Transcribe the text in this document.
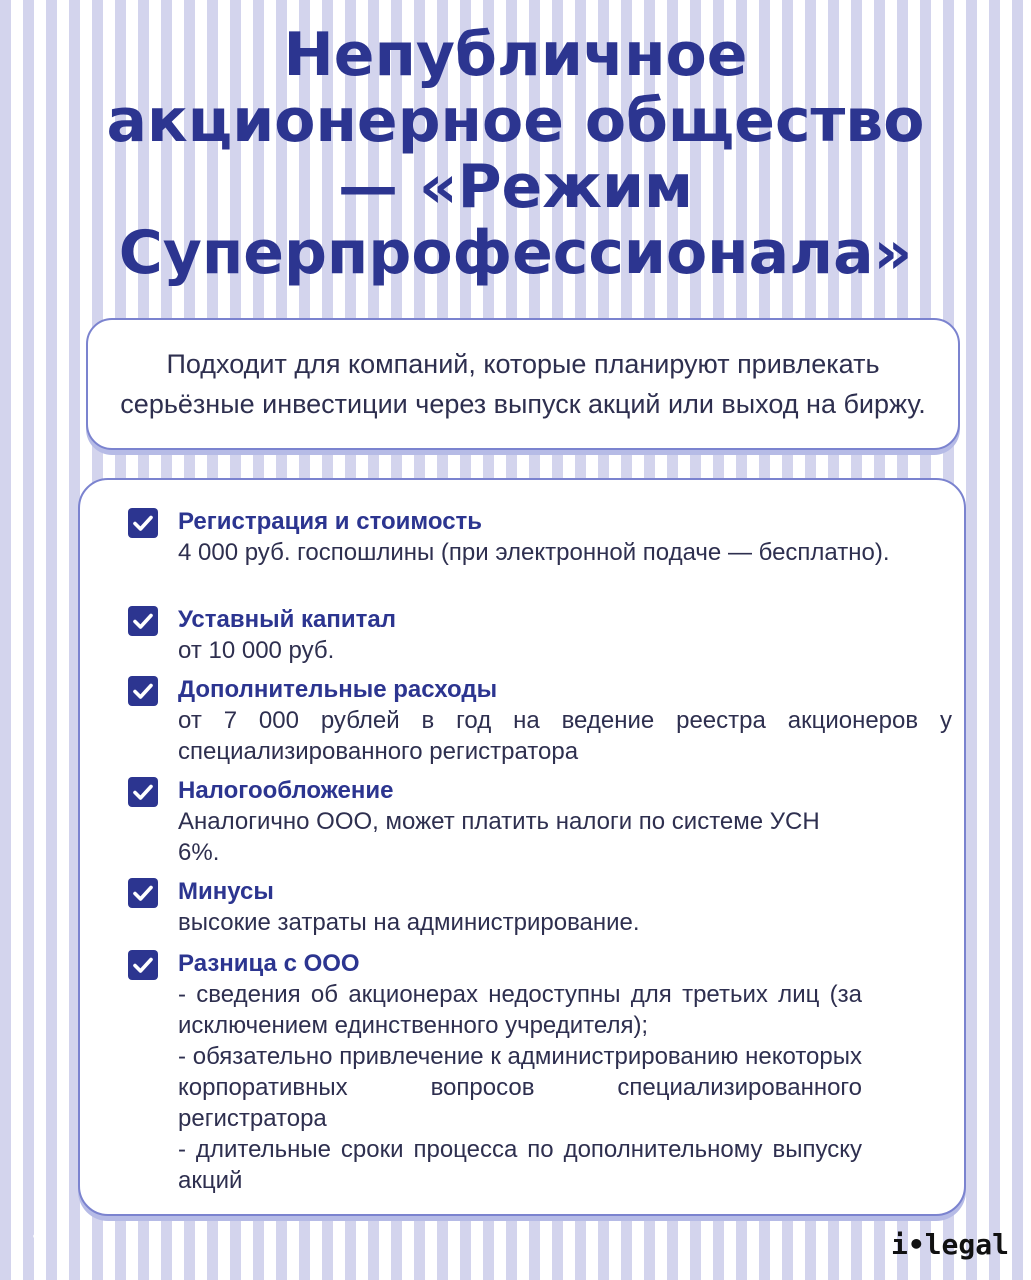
Непубличное
акционерное общество
— «Режим
Суперпрофессионала»
Подходит для компаний, которые планируют привлекать серьёзные инвестиции через выпуск акций или выход на биржу.
Регистрация и стоимость

4 000 руб. госпошлины (при электронной подаче — бесплатно).

Уставный капитал

от 10 000 руб.

Дополнительные расходы

от 7 000 рублей в год на ведение реестра акционеров у специализированного регистратора

Налогообложение

Аналогично ООО, может платить налоги по системе УСН 6%.

Минусы

высокие затраты на администрирование.

Разница с ООО
- сведения об акционерах недоступны для третьих лиц (за исключением единственного учредителя);
- обязательно привлечение к администрированию некоторых корпоративных вопросов специализированного регистратора
- длительные сроки процесса по дополнительному выпуску акций
‹	i•legal
